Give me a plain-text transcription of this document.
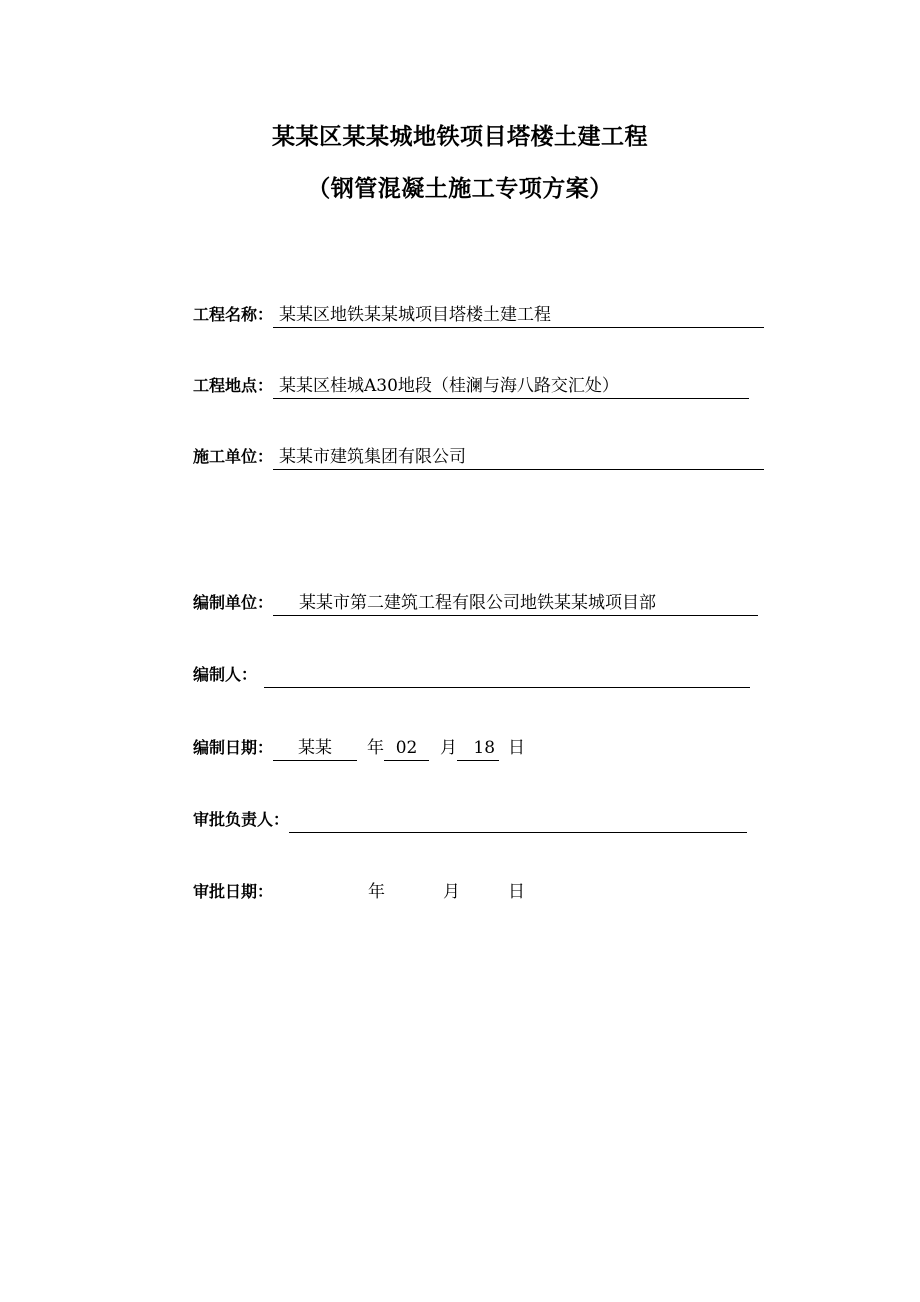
某某区某某城地铁项目塔楼土建工程
（钢管混凝土施工专项方案）
工程名称： 某某区地铁某某城项目塔楼土建工程
工程地点： 某某区桂城A30地段（桂澜与海八路交汇处）
施工单位： 某某市建筑集团有限公司
编制单位： 某某市第二建筑工程有限公司地铁某某城项目部
编制人：
编制日期： 某某 年 02 月 18 日
审批负责人：
审批日期：	年	月	日
